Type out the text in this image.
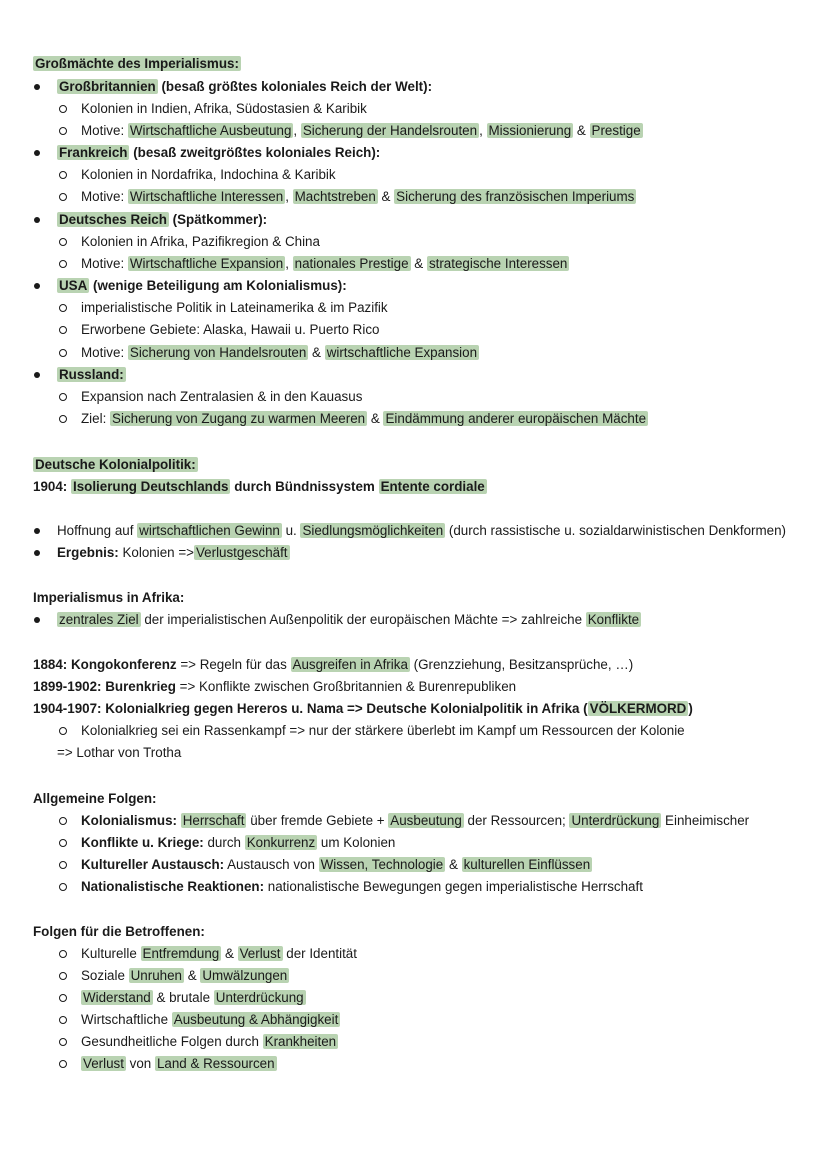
Großmächte des Imperialismus:
Großbritannien (besaß größtes koloniales Reich der Welt):
Kolonien in Indien, Afrika, Südostasien & Karibik
Motive: Wirtschaftliche Ausbeutung , Sicherung der Handelsrouten , Missionierung & Prestige
Frankreich (besaß zweitgrößtes koloniales Reich):
Kolonien in Nordafrika, Indochina & Karibik
Motive: Wirtschaftliche Interessen , Machtstreben & Sicherung des französischen Imperiums
Deutsches Reich (Spätkommer):
Kolonien in Afrika, Pazifikregion & China
Motive: Wirtschaftliche Expansion , nationales Prestige & strategische Interessen
USA (wenige Beteiligung am Kolonialismus):
imperialistische Politik in Lateinamerika & im Pazifik
Erworbene Gebiete: Alaska, Hawaii u. Puerto Rico
Motive: Sicherung von Handelsrouten & wirtschaftliche Expansion
Russland:
Expansion nach Zentralasien & in den Kauasus
Ziel: Sicherung von Zugang zu warmen Meeren & Eindämmung anderer europäischen Mächte
Deutsche Kolonialpolitik:
1904: Isolierung Deutschlands durch Bündnissystem Entente cordiale
Hoffnung auf wirtschaftlichen Gewinn u. Siedlungsmöglichkeiten (durch rassistische u. sozialdarwinistischen Denkformen)
Ergebnis: Kolonien => Verlustgeschäft
Imperialismus in Afrika:
zentrales Ziel der imperialistischen Außenpolitik der europäischen Mächte => zahlreiche Konflikte
1884: Kongokonferenz => Regeln für das Ausgreifen in Afrika (Grenzziehung, Besitzansprüche, …)
1899-1902: Burenkrieg => Konflikte zwischen Großbritannien & Burenrepubliken
1904-1907: Kolonialkrieg gegen Hereros u. Nama => Deutsche Kolonialpolitik in Afrika ( VÖLKERMORD )
Kolonialkrieg sei ein Rassenkampf => nur der stärkere überlebt im Kampf um Ressourcen der Kolonie
=> Lothar von Trotha
Allgemeine Folgen:
Kolonialismus: Herrschaft über fremde Gebiete + Ausbeutung der Ressourcen; Unterdrückung Einheimischer
Konflikte u. Kriege: durch Konkurrenz um Kolonien
Kultureller Austausch: Austausch von Wissen, Technologie & kulturellen Einflüssen
Nationalistische Reaktionen: nationalistische Bewegungen gegen imperialistische Herrschaft
Folgen für die Betroffenen:
Kulturelle Entfremdung & Verlust der Identität
Soziale Unruhen & Umwälzungen
Widerstand & brutale Unterdrückung
Wirtschaftliche Ausbeutung & Abhängigkeit
Gesundheitliche Folgen durch Krankheiten
Verlust von Land & Ressourcen
